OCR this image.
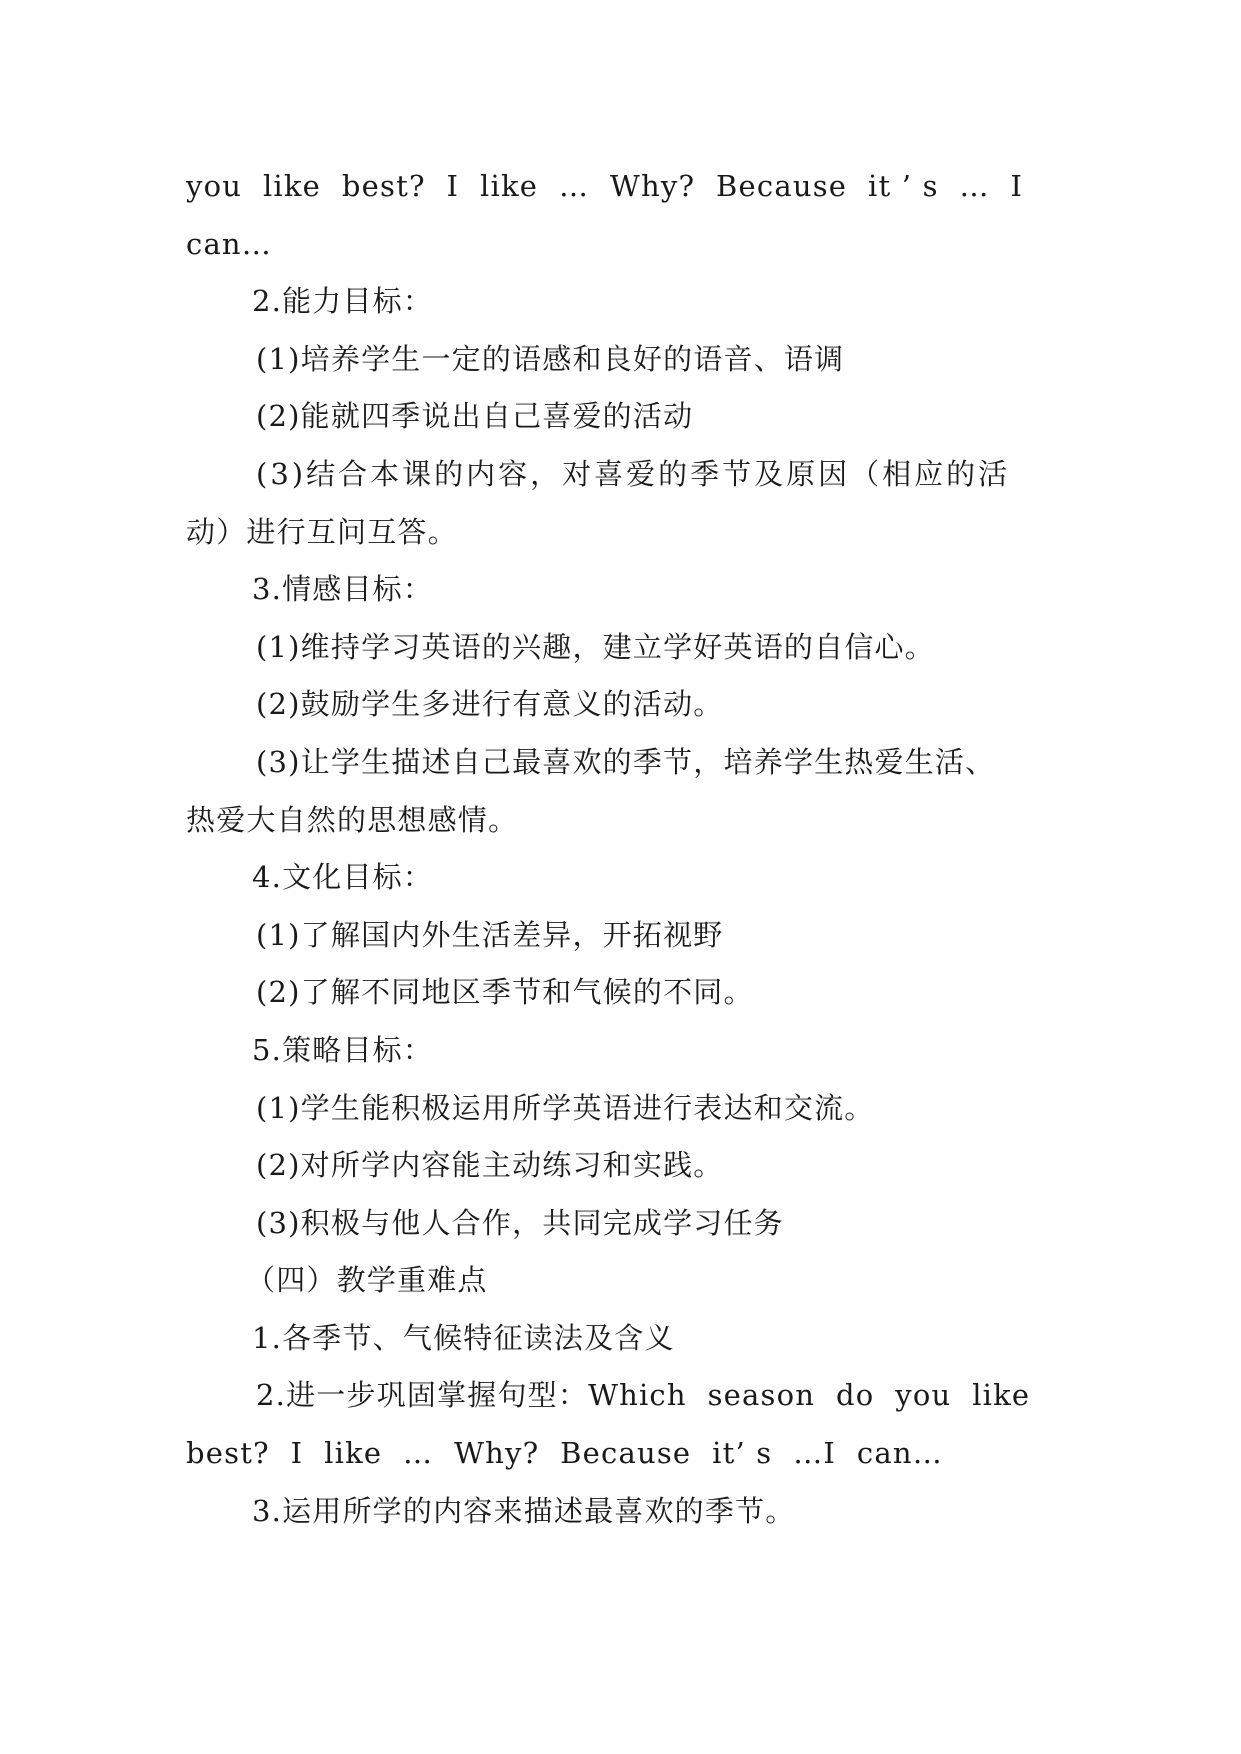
you  like  best?  I  like  …  Why?  Because  it ’ s  …  I
can…
2.能力目标：
(1)培养学生一定的语感和良好的语音、语调
(2)能就四季说出自己喜爱的活动
(3)结合本课的内容，对喜爱的季节及原因（相应的活
动）进行互问互答。
3.情感目标：
(1)维持学习英语的兴趣，建立学好英语的自信心。
(2)鼓励学生多进行有意义的活动。
(3)让学生描述自己最喜欢的季节，培养学生热爱生活、
热爱大自然的思想感情。
4.文化目标：
(1)了解国内外生活差异，开拓视野
(2)了解不同地区季节和气候的不同。
5.策略目标：
(1)学生能积极运用所学英语进行表达和交流。
(2)对所学内容能主动练习和实践。
(3)积极与他人合作，共同完成学习任务
（四）教学重难点
1.各季节、气候特征读法及含义
2.进一步巩固掌握句型：Which  season  do  you  like
best?  I  like  …  Why?  Because  it’ s  …I  can…
3.运用所学的内容来描述最喜欢的季节。
